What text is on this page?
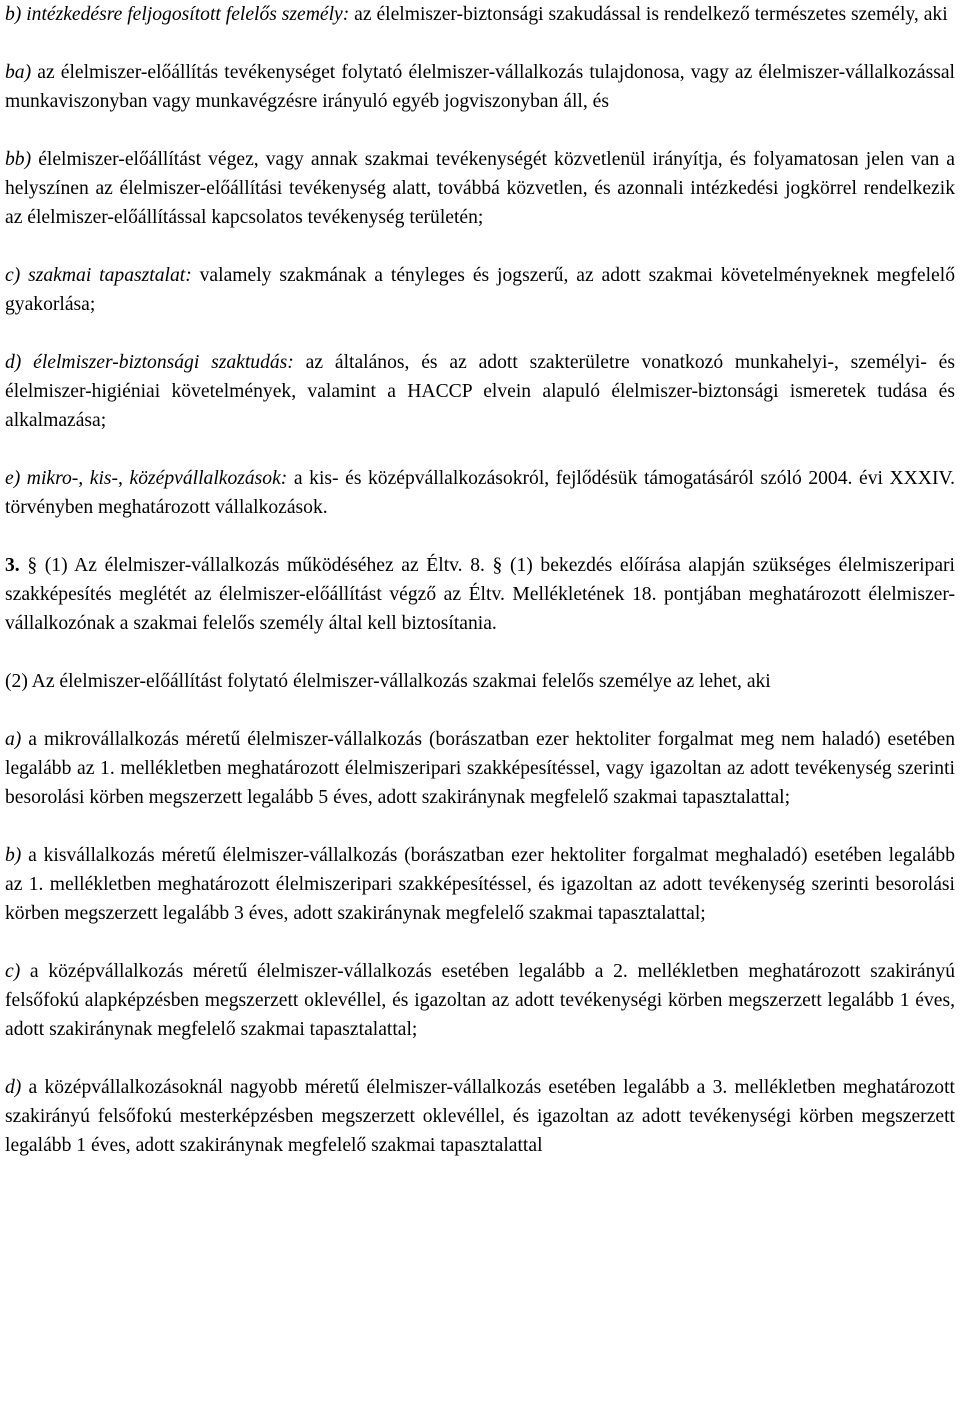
b) intézkedésre feljogosított felelős személy: az élelmiszer-biztonsági szakudással is rendelkező természetes személy, aki

ba) az élelmiszer-előállítás tevékenységet folytató élelmiszer-vállalkozás tulajdonosa, vagy az élelmiszer-vállalkozással munkaviszonyban vagy munkavégzésre irányuló egyéb jogviszonyban áll, és

bb) élelmiszer-előállítást végez, vagy annak szakmai tevékenységét közvetlenül irányítja, és folyamatosan jelen van a helyszínen az élelmiszer-előállítási tevékenység alatt, továbbá közvetlen, és azonnali intézkedési jogkörrel rendelkezik az élelmiszer-előállítással kapcsolatos tevékenység területén;

c) szakmai tapasztalat: valamely szakmának a tényleges és jogszerű, az adott szakmai követelményeknek megfelelő gyakorlása;

d) élelmiszer-biztonsági szaktudás: az általános, és az adott szakterületre vonatkozó munkahelyi-, személyi- és élelmiszer-higiéniai követelmények, valamint a HACCP elvein alapuló élelmiszer-biztonsági ismeretek tudása és alkalmazása;

e) mikro-, kis-, középvállalkozások: a kis- és középvállalkozásokról, fejlődésük támogatásáról szóló 2004. évi XXXIV. törvényben meghatározott vállalkozások.

3. § (1) Az élelmiszer-vállalkozás működéséhez az Éltv. 8. § (1) bekezdés előírása alapján szükséges élelmiszeripari szakképesítés meglétét az élelmiszer-előállítást végző az Éltv. Mellékletének 18. pontjában meghatározott élelmiszer-vállalkozónak a szakmai felelős személy által kell biztosítania.

(2) Az élelmiszer-előállítást folytató élelmiszer-vállalkozás szakmai felelős személye az lehet, aki

a) a mikrovállalkozás méretű élelmiszer-vállalkozás (borászatban ezer hektoliter forgalmat meg nem haladó) esetében legalább az 1. mellékletben meghatározott élelmiszeripari szakképesítéssel, vagy igazoltan az adott tevékenység szerinti besorolási körben megszerzett legalább 5 éves, adott szakiránynak megfelelő szakmai tapasztalattal;

b) a kisvállalkozás méretű élelmiszer-vállalkozás (borászatban ezer hektoliter forgalmat meghaladó) esetében legalább az 1. mellékletben meghatározott élelmiszeripari szakképesítéssel, és igazoltan az adott tevékenység szerinti besorolási körben megszerzett legalább 3 éves, adott szakiránynak megfelelő szakmai tapasztalattal;

c) a középvállalkozás méretű élelmiszer-vállalkozás esetében legalább a 2. mellékletben meghatározott szakirányú felsőfokú alapképzésben megszerzett oklevéllel, és igazoltan az adott tevékenységi körben megszerzett legalább 1 éves, adott szakiránynak megfelelő szakmai tapasztalattal;

d) a középvállalkozásoknál nagyobb méretű élelmiszer-vállalkozás esetében legalább a 3. mellékletben meghatározott szakirányú felsőfokú mesterképzésben megszerzett oklevéllel, és igazoltan az adott tevékenységi körben megszerzett legalább 1 éves, adott szakiránynak megfelelő szakmai tapasztalattal
